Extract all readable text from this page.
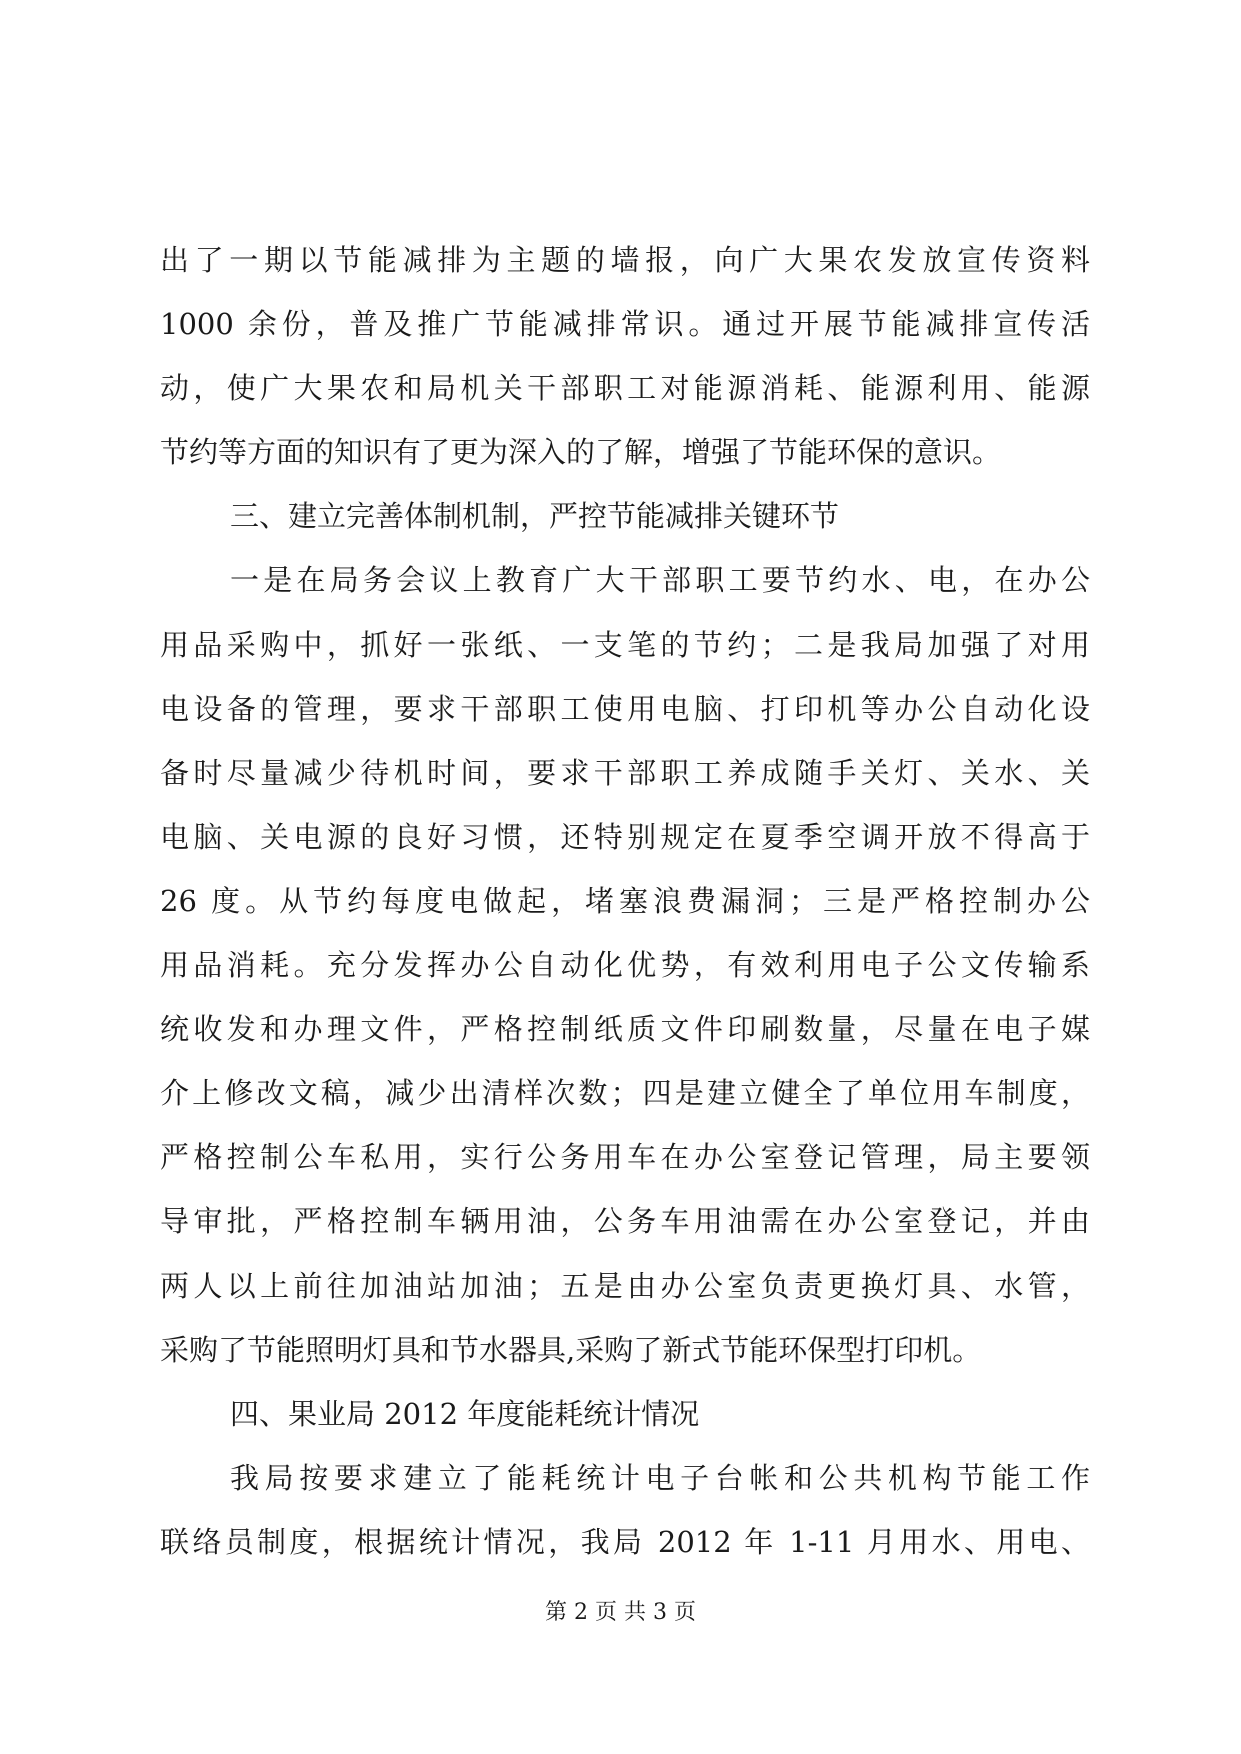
出了一期以节能减排为主题的墙报，向广大果农发放宣传资料
1000 余份，普及推广节能减排常识。通过开展节能减排宣传活
动，使广大果农和局机关干部职工对能源消耗、能源利用、能源
节约等方面的知识有了更为深入的了解，增强了节能环保的意识。
三、建立完善体制机制，严控节能减排关键环节
一是在局务会议上教育广大干部职工要节约水、电，在办公
用品采购中，抓好一张纸、一支笔的节约；二是我局加强了对用
电设备的管理，要求干部职工使用电脑、打印机等办公自动化设
备时尽量减少待机时间，要求干部职工养成随手关灯、关水、关
电脑、关电源的良好习惯，还特别规定在夏季空调开放不得高于
26 度。从节约每度电做起，堵塞浪费漏洞；三是严格控制办公
用品消耗。充分发挥办公自动化优势，有效利用电子公文传输系
统收发和办理文件，严格控制纸质文件印刷数量，尽量在电子媒
介上修改文稿，减少出清样次数；四是建立健全了单位用车制度，
严格控制公车私用，实行公务用车在办公室登记管理，局主要领
导审批，严格控制车辆用油，公务车用油需在办公室登记，并由
两人以上前往加油站加油；五是由办公室负责更换灯具、水管，
采购了节能照明灯具和节水器具,采购了新式节能环保型打印机。
四、果业局 2012 年度能耗统计情况
我局按要求建立了能耗统计电子台帐和公共机构节能工作
联络员制度，根据统计情况，我局 2012 年 1-11 月用水、用电、
第 2 页 共 3 页
